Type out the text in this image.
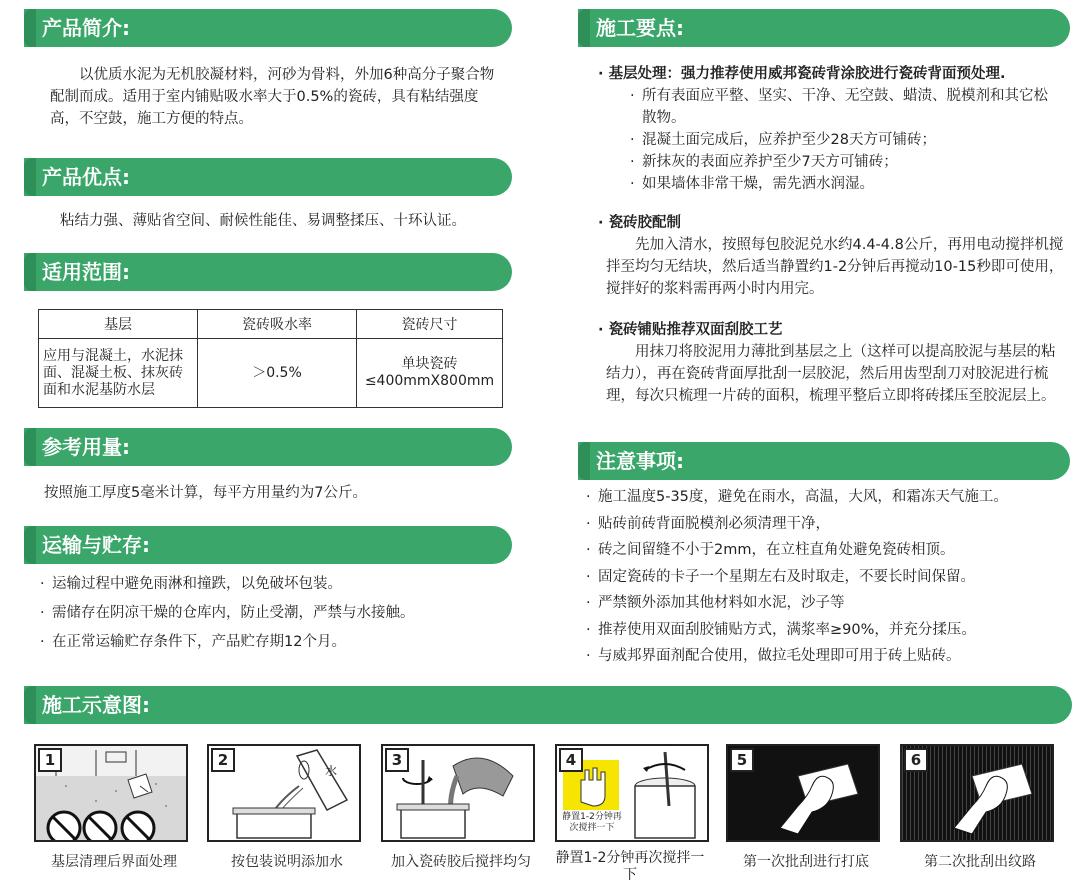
产品简介:
以优质水泥为无机胶凝材料，河砂为骨料，外加6种高分子聚合物配制而成。适用于室内铺贴吸水率大于0.5%的瓷砖，具有粘结强度高，不空鼓，施工方便的特点。
产品优点:
粘结力强、薄贴省空间、耐候性能佳、易调整揉压、十环认证。
适用范围:
基层	瓷砖吸水率	瓷砖尺寸
应用与混凝土，水泥抹面、混凝土板、抹灰砖面和水泥基防水层	＞0.5%	单块瓷砖≤400mmX800mm
参考用量:
按照施工厚度5毫米计算，每平方用量约为7公斤。
运输与贮存:
· 运输过程中避免雨淋和撞跌，以免破坏包装。
· 需储存在阴凉干燥的仓库内，防止受潮，严禁与水接触。
· 在正常运输贮存条件下，产品贮存期12个月。
施工要点:
· 基层处理：强力推荐使用威邦瓷砖背涂胶进行瓷砖背面预处理.
· 所有表面应平整、坚实、干净、无空鼓、蜡渍、脱模剂和其它松散物。
· 混凝土面完成后，应养护至少28天方可铺砖；
· 新抹灰的表面应养护至少7天方可铺砖；
· 如果墙体非常干燥，需先洒水润湿。
· 瓷砖胶配制
先加入清水，按照每包胶泥兑水约4.4-4.8公斤，再用电动搅拌机搅拌至均匀无结块，然后适当静置约1-2分钟后再搅动10-15秒即可使用，搅拌好的浆料需再两小时内用完。
· 瓷砖铺贴推荐双面刮胶工艺
用抹刀将胶泥用力薄批到基层之上（这样可以提高胶泥与基层的粘结力），再在瓷砖背面厚批刮一层胶泥，然后用齿型刮刀对胶泥进行梳理，每次只梳理一片砖的面积，梳理平整后立即将砖揉压至胶泥层上。
注意事项:
· 施工温度5-35度，避免在雨水，高温，大风，和霜冻天气施工。
· 贴砖前砖背面脱模剂必须清理干净，
· 砖之间留缝不小于2mm，在立柱直角处避免瓷砖相顶。
· 固定瓷砖的卡子一个星期左右及时取走，不要长时间保留。
· 严禁额外添加其他材料如水泥，沙子等
· 推荐使用双面刮胶铺贴方式，满浆率≥90%，并充分揉压。
· 与威邦界面剂配合使用，做拉毛处理即可用于砖上贴砖。
施工示意图:
1
基层清理后界面处理
2
水
按包装说明添加水
3
加入瓷砖胶后搅拌均匀
4
静置1-2分钟再次搅拌一下
静置1-2分钟再次搅拌一下
5
第一次批刮进行打底
6
第二次批刮出纹路
